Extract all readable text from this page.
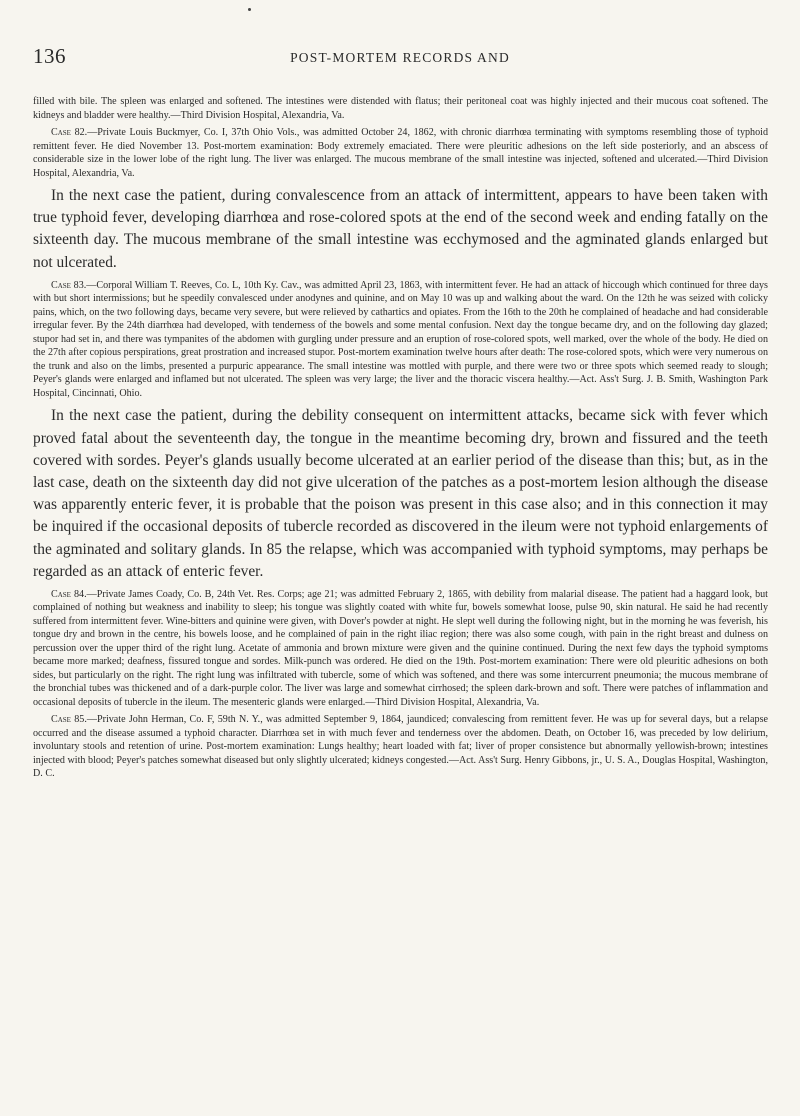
136	POST-MORTEM RECORDS AND

filled with bile. The spleen was enlarged and softened. The intestines were distended with flatus; their peritoneal coat was highly injected and their mucous coat softened. The kidneys and bladder were healthy.—Third Division Hospital, Alexandria, Va.

Case 82.—Private Louis Buckmyer, Co. I, 37th Ohio Vols., was admitted October 24, 1862, with chronic diarrhœa terminating with symptoms resembling those of typhoid remittent fever. He died November 13. Post-mortem examination: Body extremely emaciated. There were pleuritic adhesions on the left side posteriorly, and an abscess of considerable size in the lower lobe of the right lung. The liver was enlarged. The mucous membrane of the small intestine was injected, softened and ulcerated.—Third Division Hospital, Alexandria, Va.

In the next case the patient, during convalescence from an attack of intermittent, appears to have been taken with true typhoid fever, developing diarrhœa and rose-colored spots at the end of the second week and ending fatally on the sixteenth day. The mucous membrane of the small intestine was ecchymosed and the agminated glands enlarged but not ulcerated.

Case 83.—Corporal William T. Reeves, Co. L, 10th Ky. Cav., was admitted April 23, 1863, with intermittent fever. He had an attack of hiccough which continued for three days with but short intermissions; but he speedily convalesced under anodynes and quinine, and on May 10 was up and walking about the ward. On the 12th he was seized with colicky pains, which, on the two following days, became very severe, but were relieved by cathartics and opiates. From the 16th to the 20th he complained of headache and had considerable irregular fever. By the 24th diarrhœa had developed, with tenderness of the bowels and some mental confusion. Next day the tongue became dry, and on the following day glazed; stupor had set in, and there was tympanites of the abdomen with gurgling under pressure and an eruption of rose-colored spots, well marked, over the whole of the body. He died on the 27th after copious perspirations, great prostration and increased stupor. Post-mortem examination twelve hours after death: The rose-colored spots, which were very numerous on the trunk and also on the limbs, presented a purpuric appearance. The small intestine was mottled with purple, and there were two or three spots which seemed ready to slough; Peyer's glands were enlarged and inflamed but not ulcerated. The spleen was very large; the liver and the thoracic viscera healthy.—Act. Ass't Surg. J. B. Smith, Washington Park Hospital, Cincinnati, Ohio.

In the next case the patient, during the debility consequent on intermittent attacks, became sick with fever which proved fatal about the seventeenth day, the tongue in the meantime becoming dry, brown and fissured and the teeth covered with sordes. Peyer's glands usually become ulcerated at an earlier period of the disease than this; but, as in the last case, death on the sixteenth day did not give ulceration of the patches as a post-mortem lesion although the disease was apparently enteric fever, it is probable that the poison was present in this case also; and in this connection it may be inquired if the occasional deposits of tubercle recorded as discovered in the ileum were not typhoid enlargements of the agminated and solitary glands. In 85 the relapse, which was accompanied with typhoid symptoms, may perhaps be regarded as an attack of enteric fever.

Case 84.—Private James Coady, Co. B, 24th Vet. Res. Corps; age 21; was admitted February 2, 1865, with debility from malarial disease. The patient had a haggard look, but complained of nothing but weakness and inability to sleep; his tongue was slightly coated with white fur, bowels somewhat loose, pulse 90, skin natural. He said he had recently suffered from intermittent fever. Wine-bitters and quinine were given, with Dover's powder at night. He slept well during the following night, but in the morning he was feverish, his tongue dry and brown in the centre, his bowels loose, and he complained of pain in the right iliac region; there was also some cough, with pain in the right breast and dulness on percussion over the upper third of the right lung. Acetate of ammonia and brown mixture were given and the quinine continued. During the next few days the typhoid symptoms became more marked; deafness, fissured tongue and sordes. Milk-punch was ordered. He died on the 19th. Post-mortem examination: There were old pleuritic adhesions on both sides, but particularly on the right. The right lung was infiltrated with tubercle, some of which was softened, and there was some intercurrent pneumonia; the mucous membrane of the bronchial tubes was thickened and of a dark-purple color. The liver was large and somewhat cirrhosed; the spleen dark-brown and soft. There were patches of inflammation and occasional deposits of tubercle in the ileum. The mesenteric glands were enlarged.—Third Division Hospital, Alexandria, Va.

Case 85.—Private John Herman, Co. F, 59th N. Y., was admitted September 9, 1864, jaundiced; convalescing from remittent fever. He was up for several days, but a relapse occurred and the disease assumed a typhoid character. Diarrhœa set in with much fever and tenderness over the abdomen. Death, on October 16, was preceded by low delirium, involuntary stools and retention of urine. Post-mortem examination: Lungs healthy; heart loaded with fat; liver of proper consistence but abnormally yellowish-brown; intestines injected with blood; Peyer's patches somewhat diseased but only slightly ulcerated; kidneys congested.—Act. Ass't Surg. Henry Gibbons, jr., U. S. A., Douglas Hospital, Washington, D. C.
